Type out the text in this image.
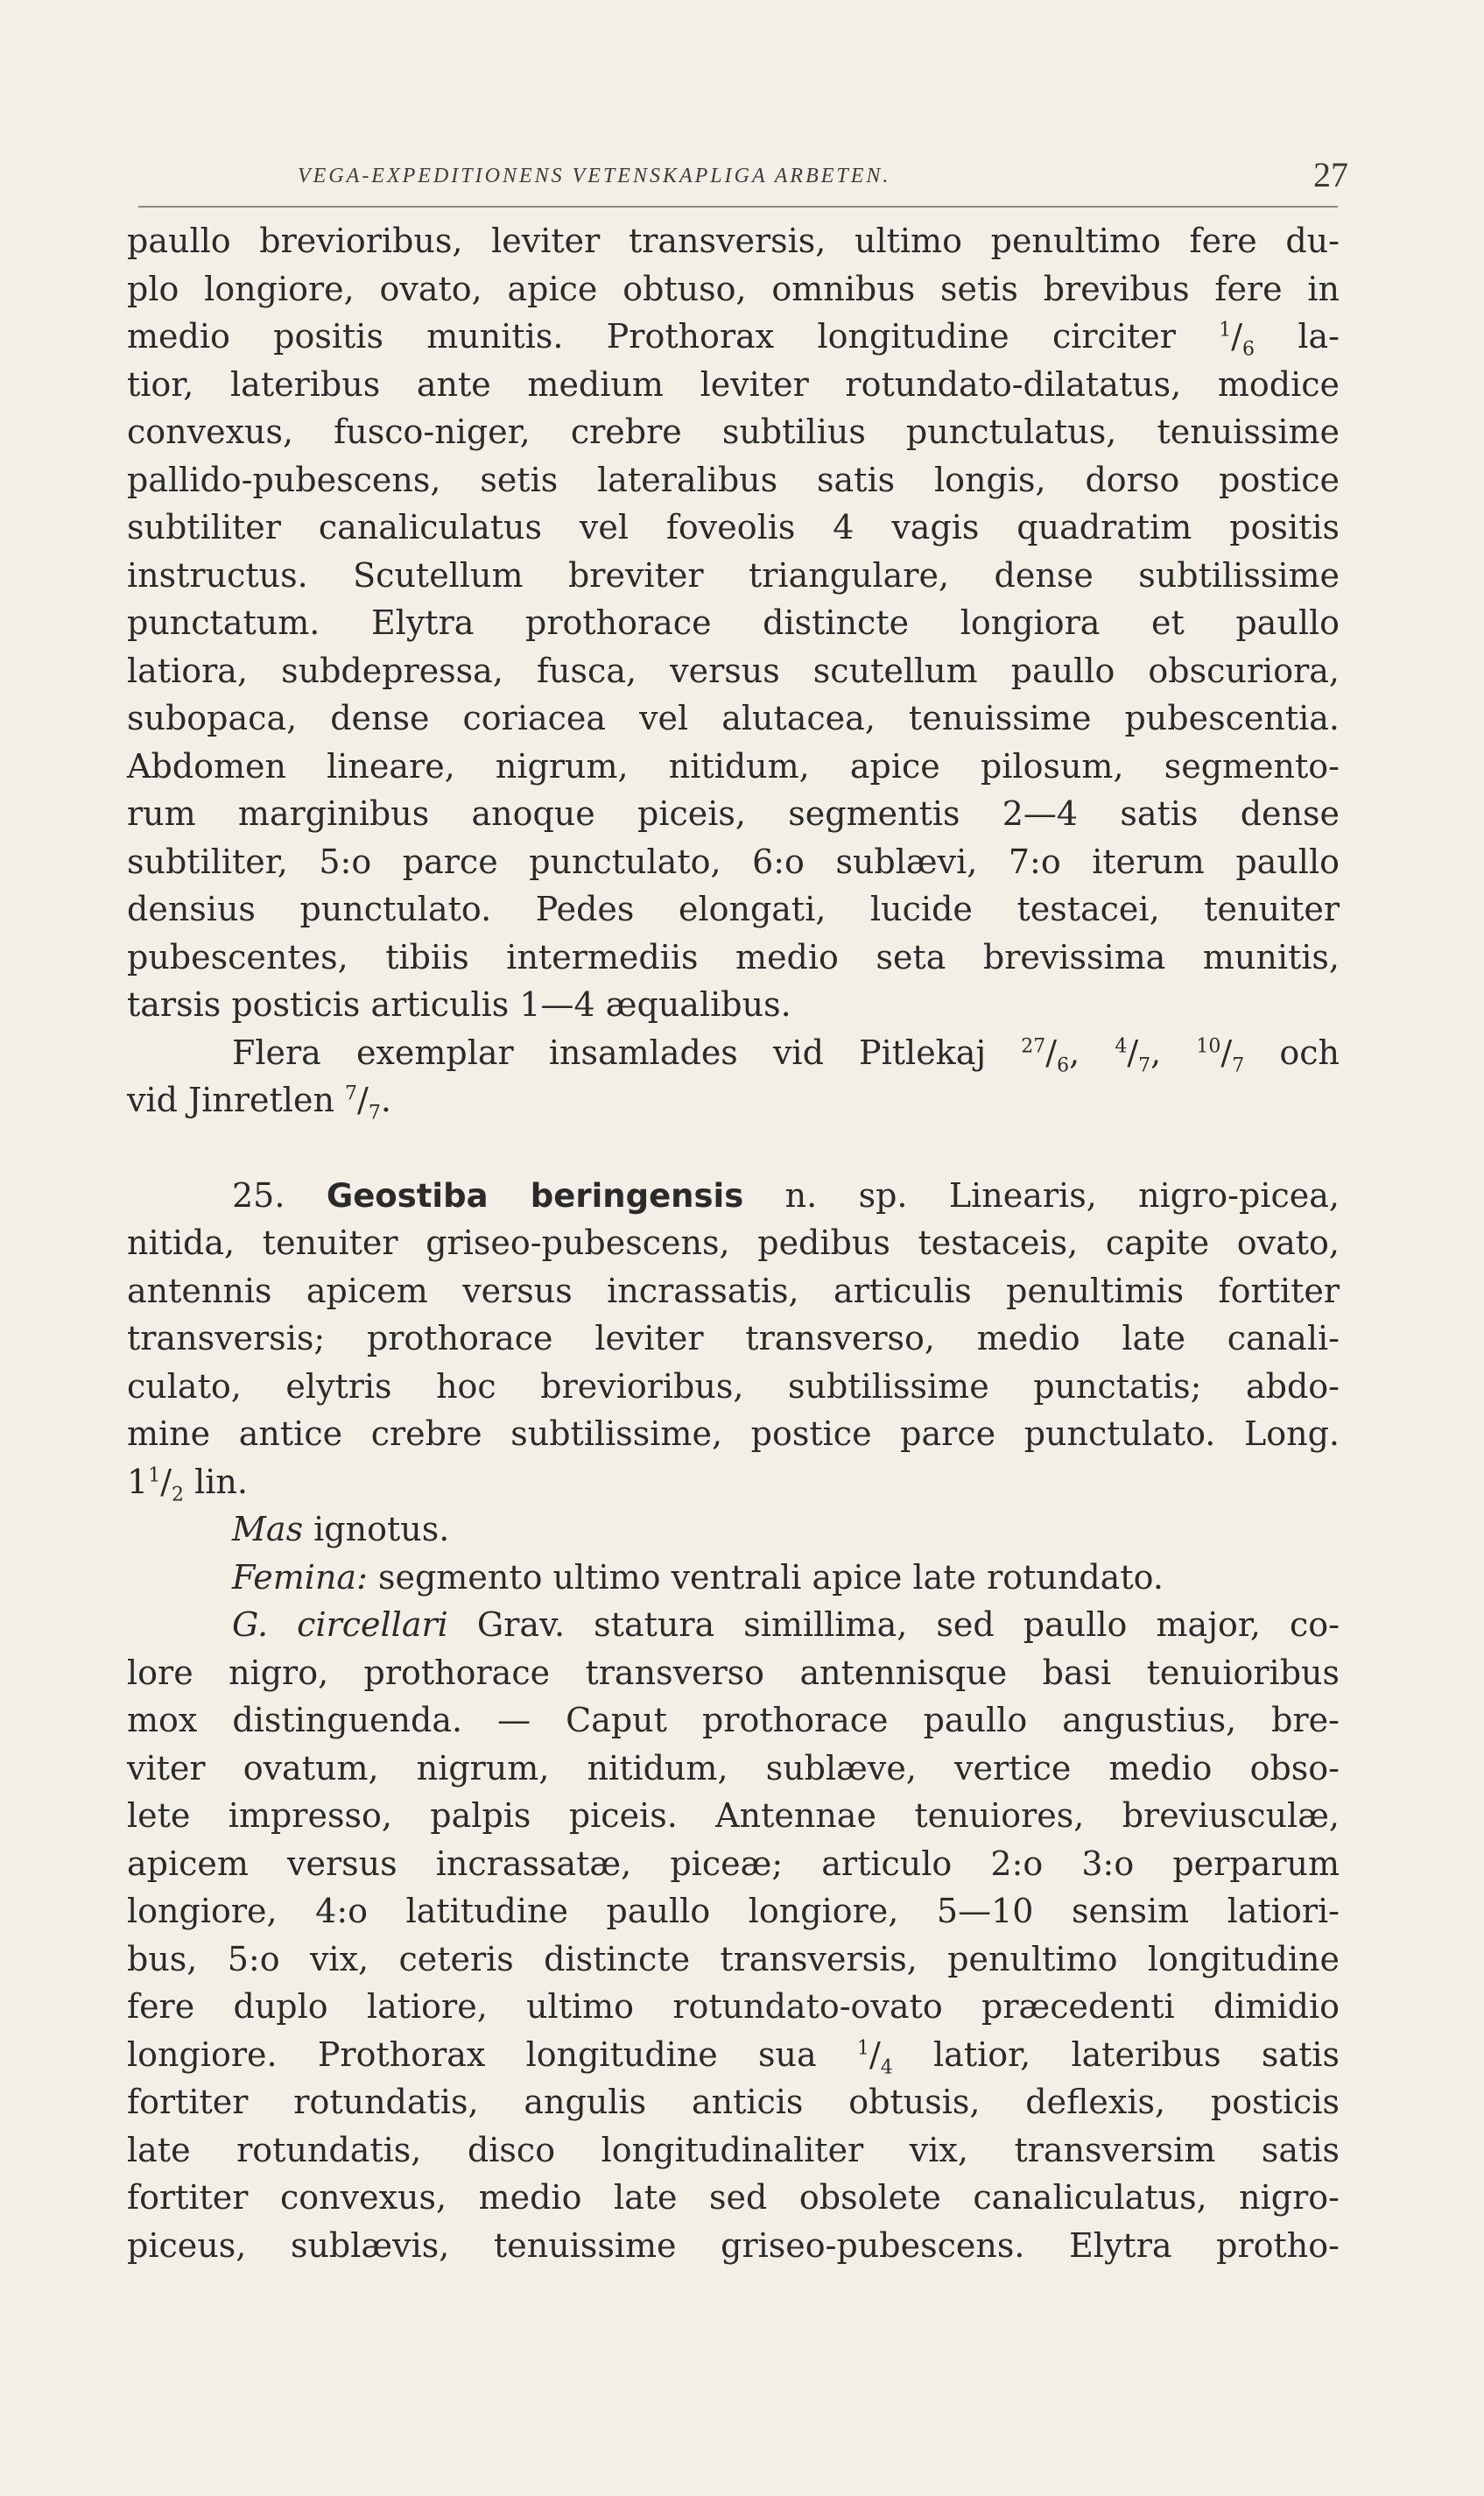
VEGA-EXPEDITIONENS VETENSKAPLIGA ARBETEN.	27
paullo brevioribus, leviter transversis, ultimo penultimo fere du-
plo longiore, ovato, apice obtuso, omnibus setis brevibus fere in
medio positis munitis. Prothorax longitudine circiter $^1/_6$ la-
tior, lateribus ante medium leviter rotundato-dilatatus, modice
convexus, fusco-niger, crebre subtilius punctulatus, tenuissime
pallido-pubescens, setis lateralibus satis longis, dorso postice
subtiliter canaliculatus vel foveolis 4 vagis quadratim positis
instructus. Scutellum breviter triangulare, dense subtilissime
punctatum. Elytra prothorace distincte longiora et paullo
latiora, subdepressa, fusca, versus scutellum paullo obscuriora,
subopaca, dense coriacea vel alutacea, tenuissime pubescentia.
Abdomen lineare, nigrum, nitidum, apice pilosum, segmento-
rum marginibus anoque piceis, segmentis 2—4 satis dense
subtiliter, 5:o parce punctulato, 6:o sublævi, 7:o iterum paullo
densius punctulato. Pedes elongati, lucide testacei, tenuiter
pubescentes, tibiis intermediis medio seta brevissima munitis,
tarsis posticis articulis 1—4 æqualibus.
Flera exemplar insamlades vid Pitlekaj $^{27}/_6$, $^4/_7$, $^{10}/_7$ och
vid Jinretlen $^7/_7$.
25. Geostiba beringensis n. sp. Linearis, nigro-picea,
nitida, tenuiter griseo-pubescens, pedibus testaceis, capite ovato,
antennis apicem versus incrassatis, articulis penultimis fortiter
transversis; prothorace leviter transverso, medio late canali-
culato, elytris hoc brevioribus, subtilissime punctatis; abdo-
mine antice crebre subtilissime, postice parce punctulato. Long.
$1^1/_2$ lin.
Mas ignotus.
Femina: segmento ultimo ventrali apice late rotundato.
G. circellari Grav. statura simillima, sed paullo major, co-
lore nigro, prothorace transverso antennisque basi tenuioribus
mox distinguenda. — Caput prothorace paullo angustius, bre-
viter ovatum, nigrum, nitidum, sublæve, vertice medio obso-
lete impresso, palpis piceis. Antennae tenuiores, breviusculæ,
apicem versus incrassatæ, piceæ; articulo 2:o 3:o perparum
longiore, 4:o latitudine paullo longiore, 5—10 sensim latiori-
bus, 5:o vix, ceteris distincte transversis, penultimo longitudine
fere duplo latiore, ultimo rotundato-ovato præcedenti dimidio
longiore. Prothorax longitudine sua $^1/_4$ latior, lateribus satis
fortiter rotundatis, angulis anticis obtusis, deflexis, posticis
late rotundatis, disco longitudinaliter vix, transversim satis
fortiter convexus, medio late sed obsolete canaliculatus, nigro-
piceus, sublævis, tenuissime griseo-pubescens. Elytra protho-
